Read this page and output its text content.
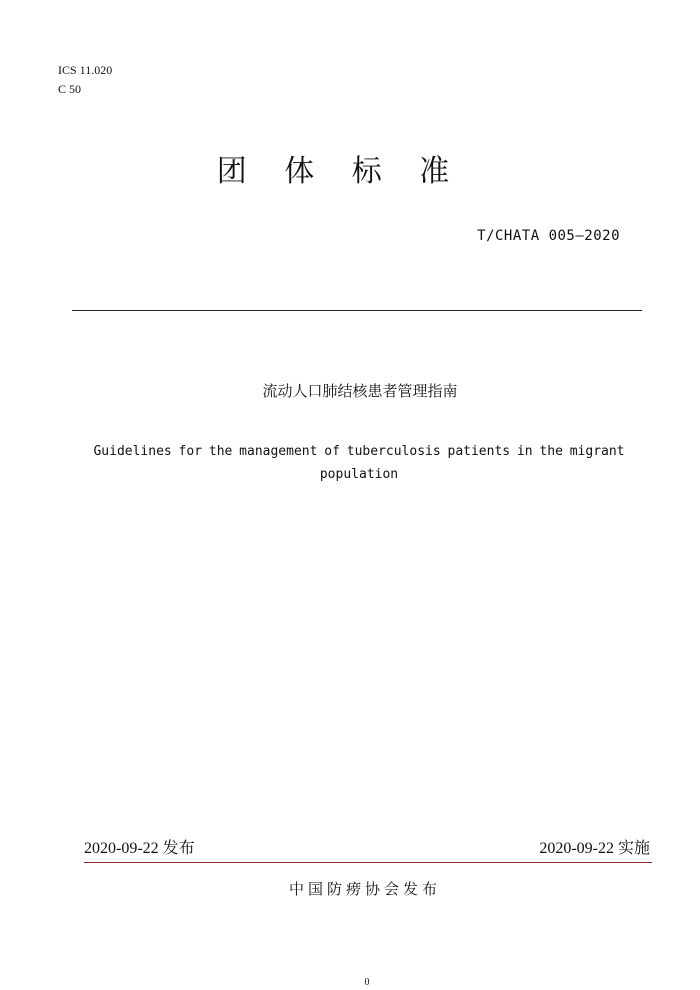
ICS 11.020
C 50
团 体 标 准
T/CHATA 005—2020
流动人口肺结核患者管理指南
Guidelines for the management of tuberculosis patients in the migrant population
2020-09-22 发布	2020-09-22 实施
中国防痨协会发布
0
